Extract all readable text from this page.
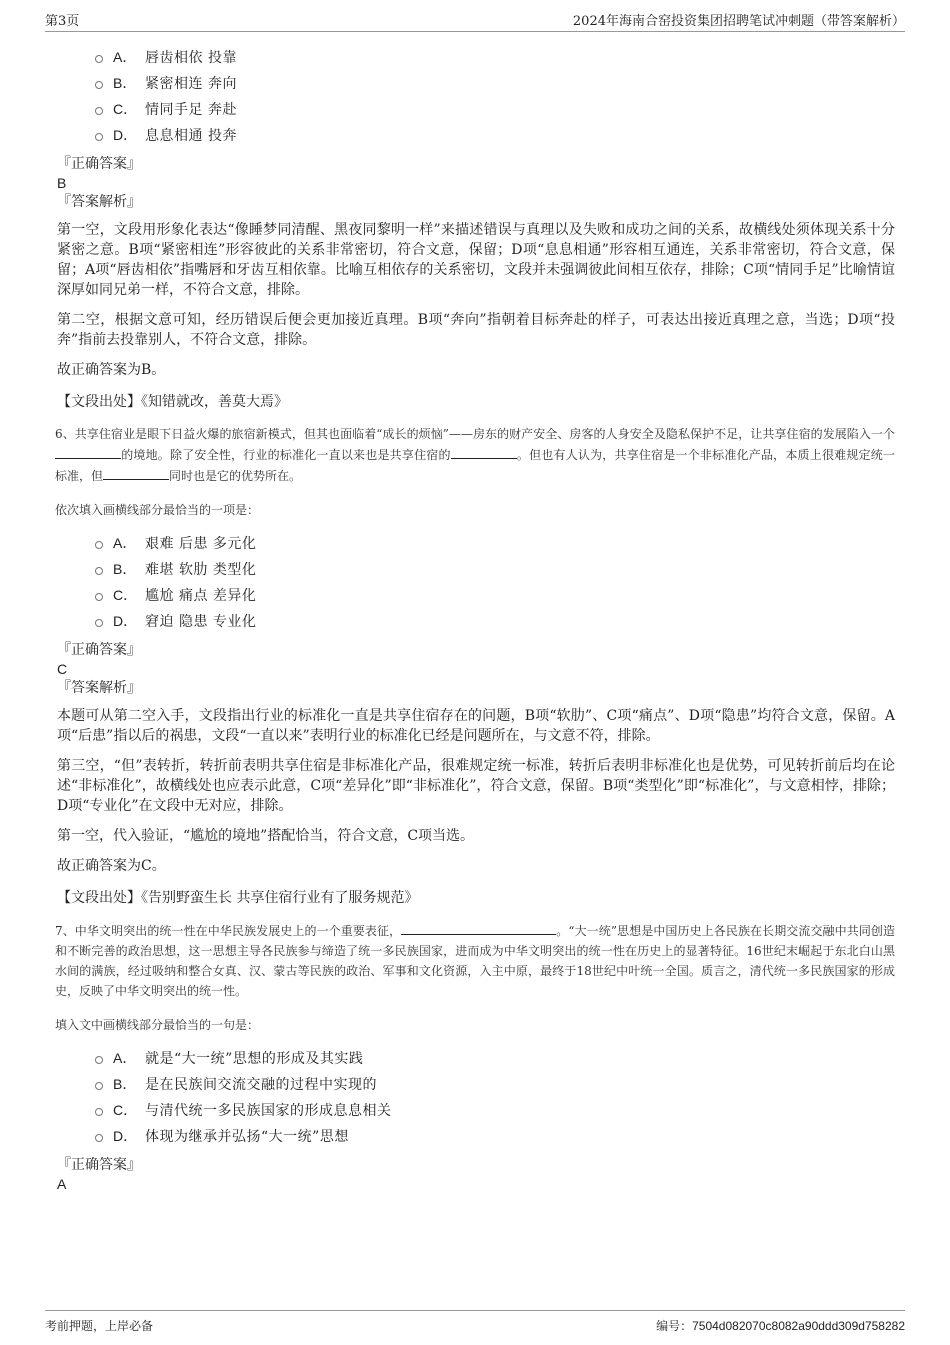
第3页	2024年海南合窑投资集团招聘笔试冲刺题（带答案解析）
A． 唇齿相依 投靠
B． 紧密相连 奔向
C． 情同手足 奔赴
D． 息息相通 投奔
『正确答案』
B
『答案解析』

第一空，文段用形象化表达“像睡梦同清醒、黑夜同黎明一样”来描述错误与真理以及失败和成功之间的关系，故横线处须体现关系十分紧密之意。B项“紧密相连”形容彼此的关系非常密切，符合文意，保留；D项“息息相通”形容相互通连，关系非常密切，符合文意，保留；A项“唇齿相依”指嘴唇和牙齿互相依靠。比喻互相依存的关系密切，文段并未强调彼此间相互依存，排除；C项“情同手足”比喻情谊深厚如同兄弟一样，不符合文意，排除。

第二空，根据文意可知，经历错误后便会更加接近真理。B项“奔向”指朝着目标奔赴的样子，可表达出接近真理之意，当选；D项“投奔”指前去投靠别人，不符合文意，排除。

故正确答案为B。

【文段出处】《知错就改，善莫大焉》

6、共享住宿业是眼下日益火爆的旅宿新模式，但其也面临着“成长的烦恼”——房东的财产安全、房客的人身安全及隐私保护不足，让共享住宿的发展陷入一个的境地。除了安全性，行业的标准化一直以来也是共享住宿的	。但也有人认为，共享住宿是一个非标准化产品，本质上很难规定统一标准，但	同时也是它的优势所在。

依次填入画横线部分最恰当的一项是：

A． 艰难 后患 多元化
B． 难堪 软肋 类型化
C． 尴尬 痛点 差异化
D． 窘迫 隐患 专业化
『正确答案』
C
『答案解析』

本题可从第二空入手，文段指出行业的标准化一直是共享住宿存在的问题，B项“软肋”、C项“痛点”、D项“隐患”均符合文意，保留。A项“后患”指以后的祸患，文段“一直以来”表明行业的标准化已经是问题所在，与文意不符，排除。

第三空，“但”表转折，转折前表明共享住宿是非标准化产品，很难规定统一标准，转折后表明非标准化也是优势，可见转折前后均在论述“非标准化”，故横线处也应表示此意，C项“差异化”即“非标准化”，符合文意，保留。B项“类型化”即“标准化”，与文意相悖，排除；D项“专业化”在文段中无对应，排除。

第一空，代入验证，“尴尬的境地”搭配恰当，符合文意，C项当选。

故正确答案为C。

【文段出处】《告别野蛮生长 共享住宿行业有了服务规范》

7、中华文明突出的统一性在中华民族发展史上的一个重要表征，	。“大一统”思想是中国历史上各民族在长期交流交融中共同创造和不断完善的政治思想，这一思想主导各民族参与缔造了统一多民族国家，进而成为中华文明突出的统一性在历史上的显著特征。16世纪末崛起于东北白山黑水间的满族，经过吸纳和整合女真、汉、蒙古等民族的政治、军事和文化资源，入主中原，最终于18世纪中叶统一全国。质言之，清代统一多民族国家的形成史，反映了中华文明突出的统一性。

填入文中画横线部分最恰当的一句是：

A． 就是“大一统”思想的形成及其实践
B． 是在民族间交流交融的过程中实现的
C． 与清代统一多民族国家的形成息息相关
D． 体现为继承并弘扬“大一统”思想
『正确答案』
A
考前押题，上岸必备	编号：7504d082070c8082a90ddd309d758282
